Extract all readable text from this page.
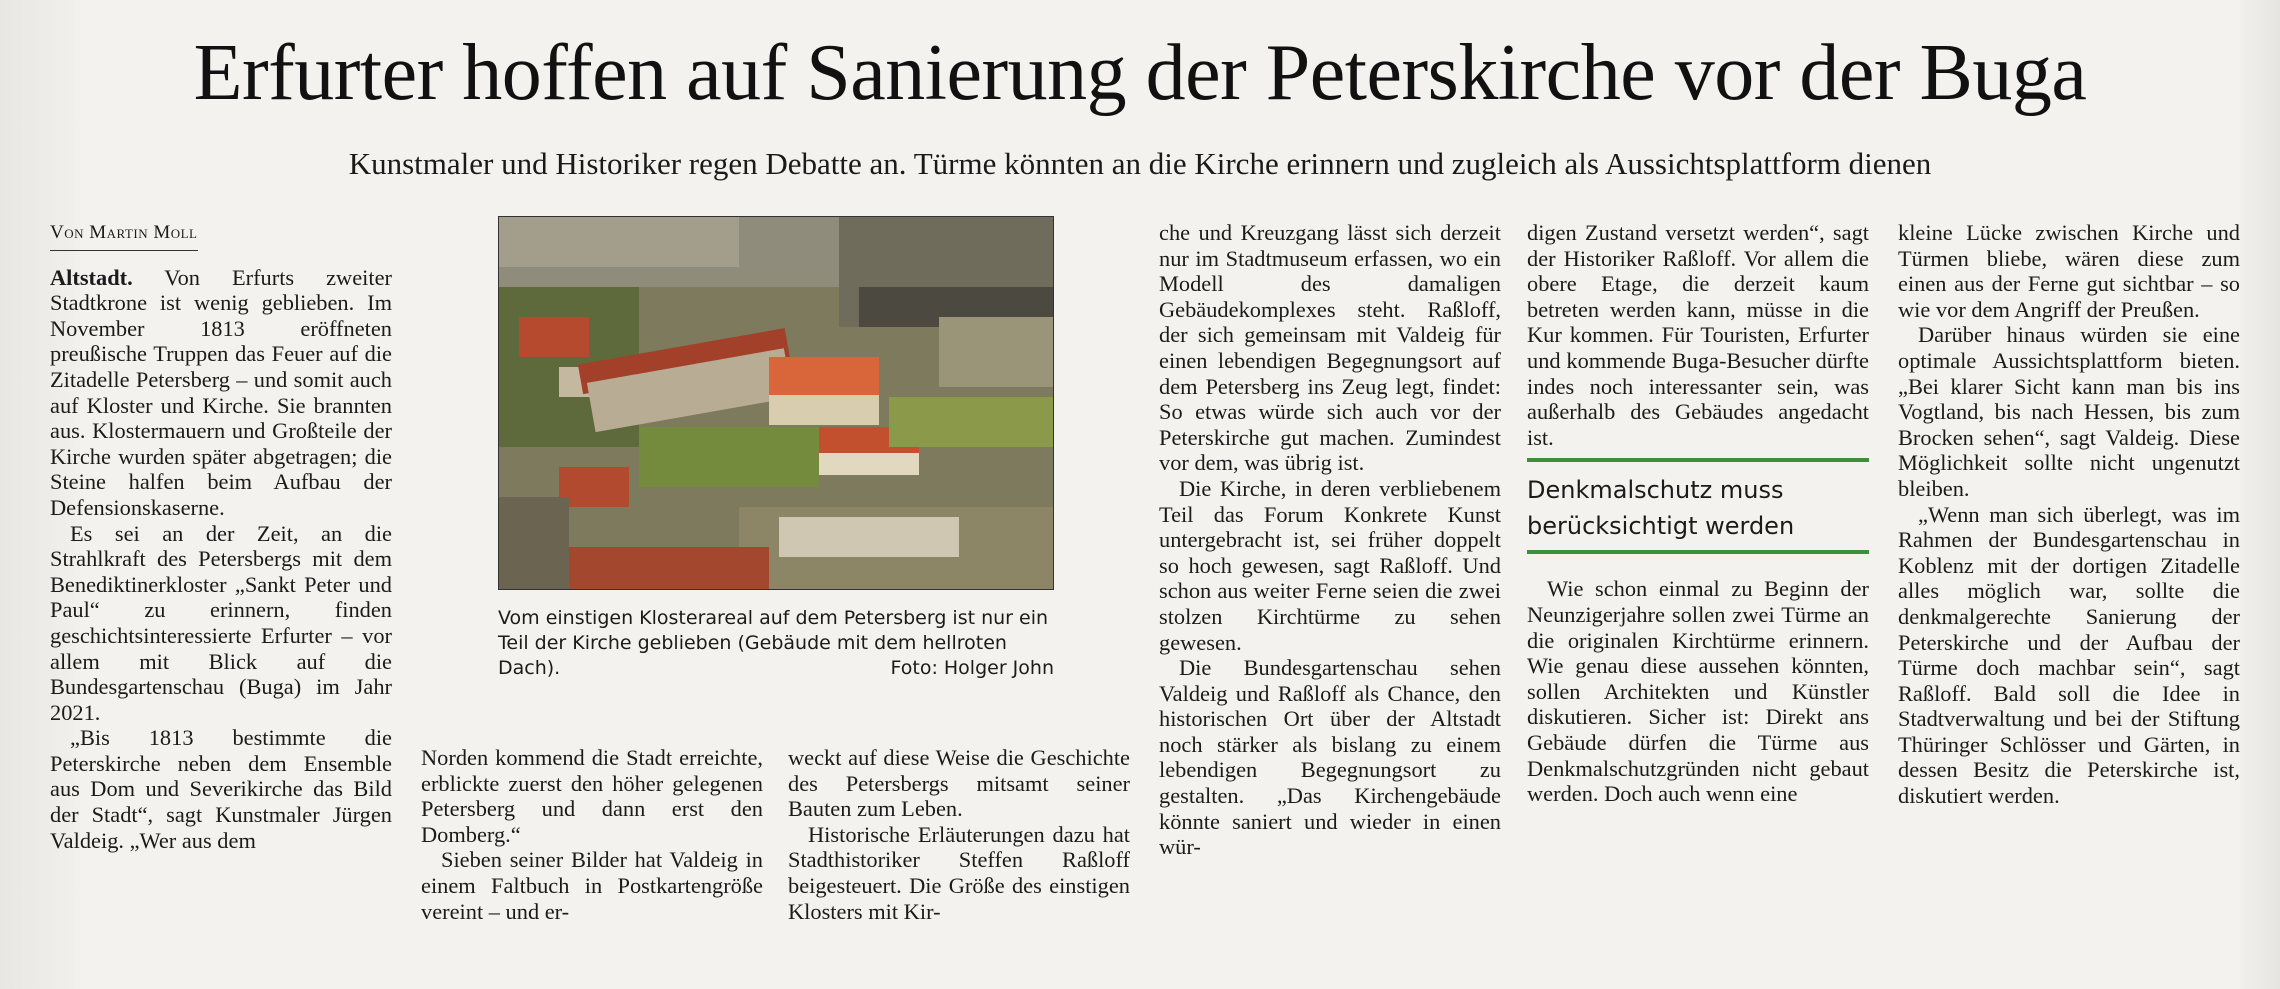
Erfurter hoffen auf Sanierung der Peterskirche vor der Buga
Kunstmaler und Historiker regen Debatte an. Türme könnten an die Kirche erinnern und zugleich als Aussichtsplattform dienen
Von Martin Moll

Altstadt. Von Erfurts zweiter Stadtkrone ist wenig geblieben. Im November 1813 eröffneten preußische Truppen das Feuer auf die Zitadelle Petersberg – und somit auch auf Kloster und Kirche. Sie brannten aus. Klostermauern und Großteile der Kirche wurden später abgetragen; die Steine halfen beim Aufbau der Defensionskaserne.

Es sei an der Zeit, an die Strahlkraft des Petersbergs mit dem Benediktinerkloster „Sankt Peter und Paul“ zu erinnern, finden geschichtsinteressierte Erfurter – vor allem mit Blick auf die Bundesgartenschau (Buga) im Jahr 2021.

„Bis 1813 bestimmte die Peterskirche neben dem Ensemble aus Dom und Severikirche das Bild der Stadt“, sagt Kunstmaler Jürgen Valdeig. „Wer aus dem

Vom einstigen Klosterareal auf dem Petersberg ist nur ein Teil der Kirche geblieben (Gebäude mit dem hellroten Dach).	Foto: Holger John

Norden kommend die Stadt erreichte, erblickte zuerst den höher gelegenen Petersberg und dann erst den Domberg.“

Sieben seiner Bilder hat Valdeig in einem Faltbuch in Postkartengröße vereint – und er-

weckt auf diese Weise die Geschichte des Petersbergs mitsamt seiner Bauten zum Leben.

Historische Erläuterungen dazu hat Stadthistoriker Steffen Raßloff beigesteuert. Die Größe des einstigen Klosters mit Kir-

che und Kreuzgang lässt sich derzeit nur im Stadtmuseum erfassen, wo ein Modell des damaligen Gebäudekomplexes steht. Raßloff, der sich gemeinsam mit Valdeig für einen lebendigen Begegnungsort auf dem Petersberg ins Zeug legt, findet: So etwas würde sich auch vor der Peterskirche gut machen. Zumindest vor dem, was übrig ist.

Die Kirche, in deren verbliebenem Teil das Forum Konkrete Kunst untergebracht ist, sei früher doppelt so hoch gewesen, sagt Raßloff. Und schon aus weiter Ferne seien die zwei stolzen Kirchtürme zu sehen gewesen.

Die Bundesgartenschau sehen Valdeig und Raßloff als Chance, den historischen Ort über der Altstadt noch stärker als bislang zu einem lebendigen Begegnungsort zu gestalten. „Das Kirchengebäude könnte saniert und wieder in einen wür-

digen Zustand versetzt werden“, sagt der Historiker Raßloff. Vor allem die obere Etage, die derzeit kaum betreten werden kann, müsse in die Kur kommen. Für Touristen, Erfurter und kommende Buga-Besucher dürfte indes noch interessanter sein, was außerhalb des Gebäudes angedacht ist.

Denkmalschutz muss berücksichtigt werden

Wie schon einmal zu Beginn der Neunzigerjahre sollen zwei Türme an die originalen Kirchtürme erinnern. Wie genau diese aussehen könnten, sollen Architekten und Künstler diskutieren. Sicher ist: Direkt ans Gebäude dürfen die Türme aus Denkmalschutzgründen nicht gebaut werden. Doch auch wenn eine

kleine Lücke zwischen Kirche und Türmen bliebe, wären diese zum einen aus der Ferne gut sichtbar – so wie vor dem Angriff der Preußen.

Darüber hinaus würden sie eine optimale Aussichtsplattform bieten. „Bei klarer Sicht kann man bis ins Vogtland, bis nach Hessen, bis zum Brocken sehen“, sagt Valdeig. Diese Möglichkeit sollte nicht ungenutzt bleiben.

„Wenn man sich überlegt, was im Rahmen der Bundesgartenschau in Koblenz mit der dortigen Zitadelle alles möglich war, sollte die denkmalgerechte Sanierung der Peterskirche und der Aufbau der Türme doch machbar sein“, sagt Raßloff. Bald soll die Idee in Stadtverwaltung und bei der Stiftung Thüringer Schlösser und Gärten, in dessen Besitz die Peterskirche ist, diskutiert werden.
